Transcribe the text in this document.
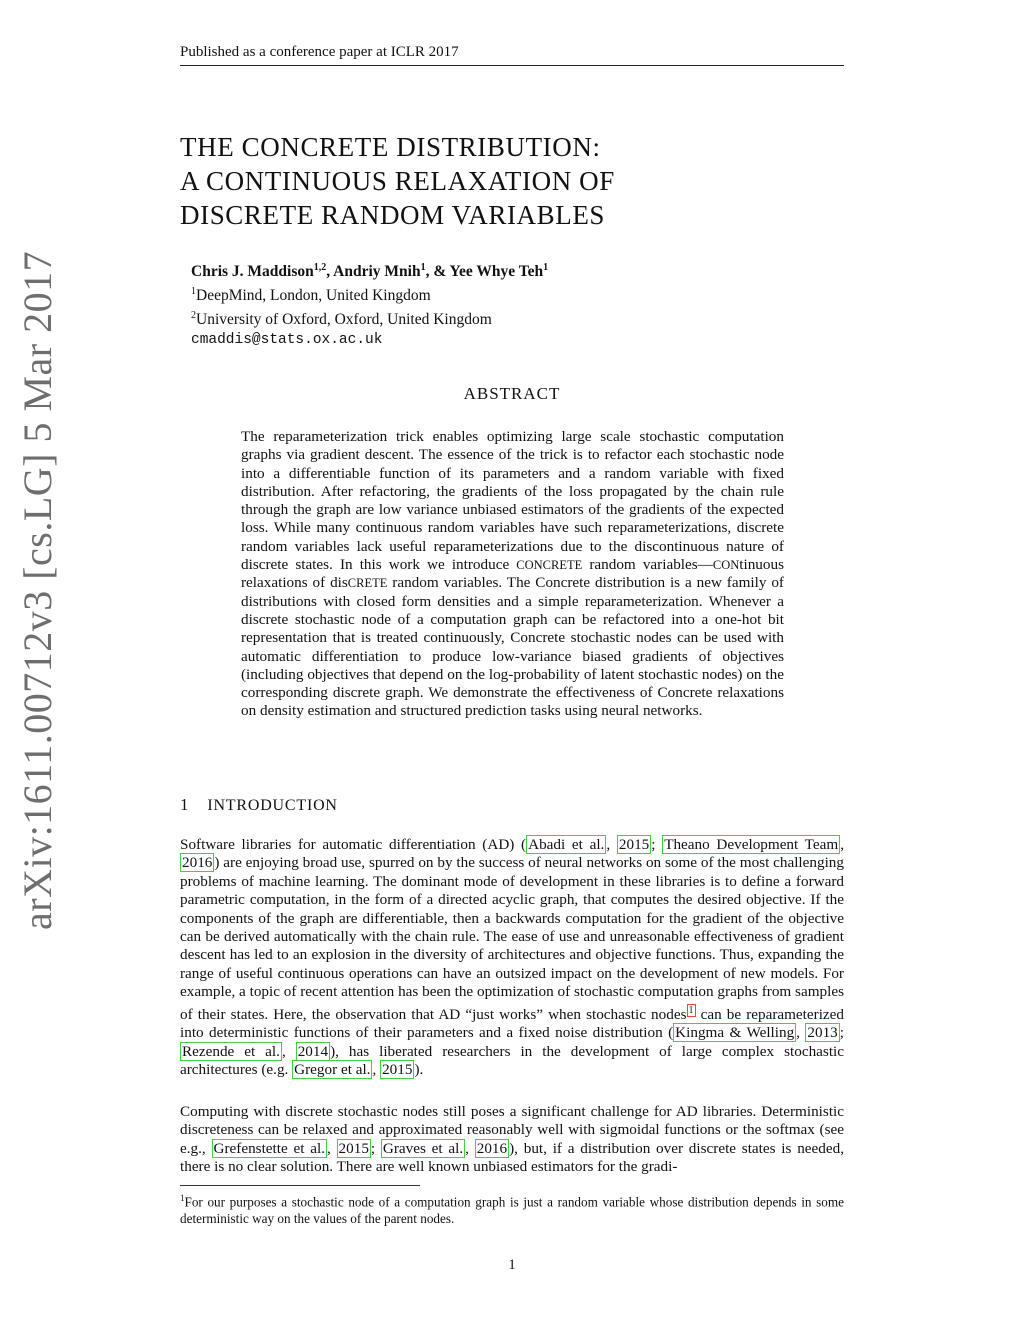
Published as a conference paper at ICLR 2017
arXiv:1611.00712v3 [cs.LG] 5 Mar 2017
THE CONCRETE DISTRIBUTION:
A CONTINUOUS RELAXATION OF
DISCRETE RANDOM VARIABLES
Chris J. Maddison$^{1,2}$, Andriy Mnih$^1$, & Yee Whye Teh$^1$
$^1$DeepMind, London, United Kingdom
$^2$University of Oxford, Oxford, United Kingdom
cmaddis@stats.ox.ac.uk
ABSTRACT
The reparameterization trick enables optimizing large scale stochastic computation graphs via gradient descent. The essence of the trick is to refactor each stochastic node into a differentiable function of its parameters and a random variable with fixed distribution. After refactoring, the gradients of the loss propagated by the chain rule through the graph are low variance unbiased estimators of the gradients of the expected loss. While many continuous random variables have such reparameterizations, discrete random variables lack useful reparameterizations due to the discontinuous nature of discrete states. In this work we introduce CONCRETE random variables—CONtinuous relaxations of disCRETE random variables. The Concrete distribution is a new family of distributions with closed form densities and a simple reparameterization. Whenever a discrete stochastic node of a computation graph can be refactored into a one-hot bit representation that is treated continuously, Concrete stochastic nodes can be used with automatic differentiation to produce low-variance biased gradients of objectives (including objectives that depend on the log-probability of latent stochastic nodes) on the corresponding discrete graph. We demonstrate the effectiveness of Concrete relaxations on density estimation and structured prediction tasks using neural networks.
1 INTRODUCTION
Software libraries for automatic differentiation (AD) ( Abadi et al. , 2015 ; Theano Development Team , 2016 ) are enjoying broad use, spurred on by the success of neural networks on some of the most challenging problems of machine learning. The dominant mode of development in these libraries is to define a forward parametric computation, in the form of a directed acyclic graph, that computes the desired objective. If the components of the graph are differentiable, then a backwards computation for the gradient of the objective can be derived automatically with the chain rule. The ease of use and unreasonable effectiveness of gradient descent has led to an explosion in the diversity of architectures and objective functions. Thus, expanding the range of useful continuous operations can have an outsized impact on the development of new models. For example, a topic of recent attention has been the optimization of stochastic computation graphs from samples of their states. Here, the observation that AD “just works” when stochastic nodes $^1$ can be reparameterized into deterministic functions of their parameters and a fixed noise distribution ( Kingma & Welling , 2013 ; Rezende et al. , 2014 ), has liberated researchers in the development of large complex stochastic architectures (e.g. Gregor et al. , 2015 ).
Computing with discrete stochastic nodes still poses a significant challenge for AD libraries. Deterministic discreteness can be relaxed and approximated reasonably well with sigmoidal functions or the softmax (see e.g., Grefenstette et al. , 2015 ; Graves et al. , 2016 ), but, if a distribution over discrete states is needed, there is no clear solution. There are well known unbiased estimators for the gradi-
$^1$For our purposes a stochastic node of a computation graph is just a random variable whose distribution depends in some deterministic way on the values of the parent nodes.
1
